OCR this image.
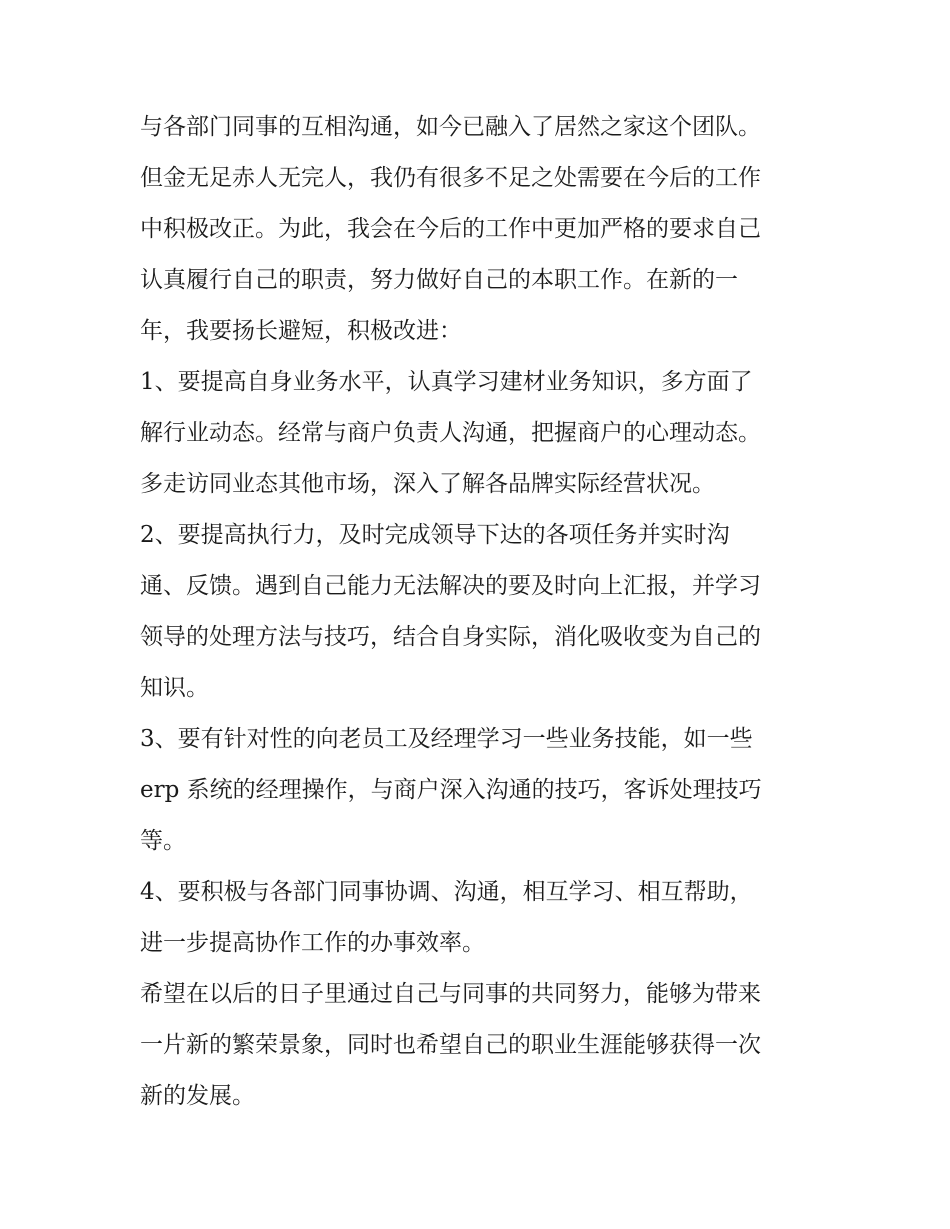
与各部门同事的互相沟通，如今已融入了居然之家这个团队。
但金无足赤人无完人，我仍有很多不足之处需要在今后的工作
中积极改正。为此，我会在今后的工作中更加严格的要求自己
认真履行自己的职责，努力做好自己的本职工作。在新的一
年，我要扬长避短，积极改进：
1、要提高自身业务水平，认真学习建材业务知识，多方面了
解行业动态。经常与商户负责人沟通，把握商户的心理动态。
多走访同业态其他市场，深入了解各品牌实际经营状况。
2、要提高执行力，及时完成领导下达的各项任务并实时沟
通、反馈。遇到自己能力无法解决的要及时向上汇报，并学习
领导的处理方法与技巧，结合自身实际，消化吸收变为自己的
知识。
3、要有针对性的向老员工及经理学习一些业务技能，如一些
erp 系统的经理操作，与商户深入沟通的技巧，客诉处理技巧
等。
4、要积极与各部门同事协调、沟通，相互学习、相互帮助，
进一步提高协作工作的办事效率。
希望在以后的日子里通过自己与同事的共同努力，能够为带来
一片新的繁荣景象，同时也希望自己的职业生涯能够获得一次
新的发展。
